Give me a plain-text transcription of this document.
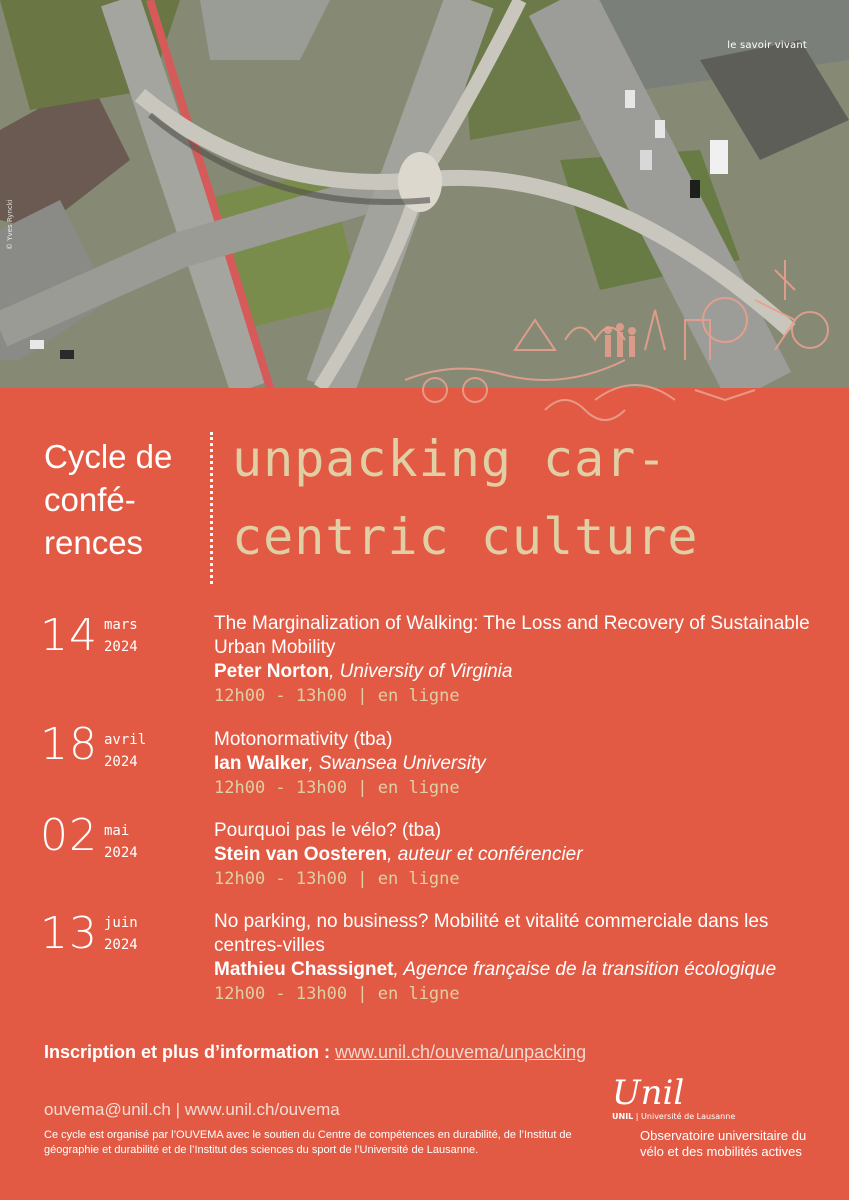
le savoir vivant
© Yves Ryncki
Cycle de
confé-
rences
unpacking car-
centric culture
14 mars
2024
The Marginalization of Walking: The Loss and Recovery of Sustainable Urban Mobility
Peter Norton, University of Virginia
12h00 - 13h00 | en ligne
18 avril
2024
Motonormativity (tba)
Ian Walker, Swansea University
12h00 - 13h00 | en ligne
02 mai
2024
Pourquoi pas le vélo? (tba)
Stein van Oosteren, auteur et conférencier
12h00 - 13h00 | en ligne
13 juin
2024
No parking, no business? Mobilité et vitalité commerciale dans les centres-villes
Mathieu Chassignet, Agence française de la transition écologique
12h00 - 13h00 | en ligne
Inscription et plus d’information : www.unil.ch/ouvema/unpacking
ouvema@unil.ch | www.unil.ch/ouvema
Ce cycle est organisé par l’OUVEMA avec le soutien du Centre de compétences en durabilité, de l’Institut de géographie et durabilité et de l’Institut des sciences du sport de l’Université de Lausanne.
Unil
UNIL | Université de Lausanne
Observatoire universitaire du vélo et des mobilités actives
